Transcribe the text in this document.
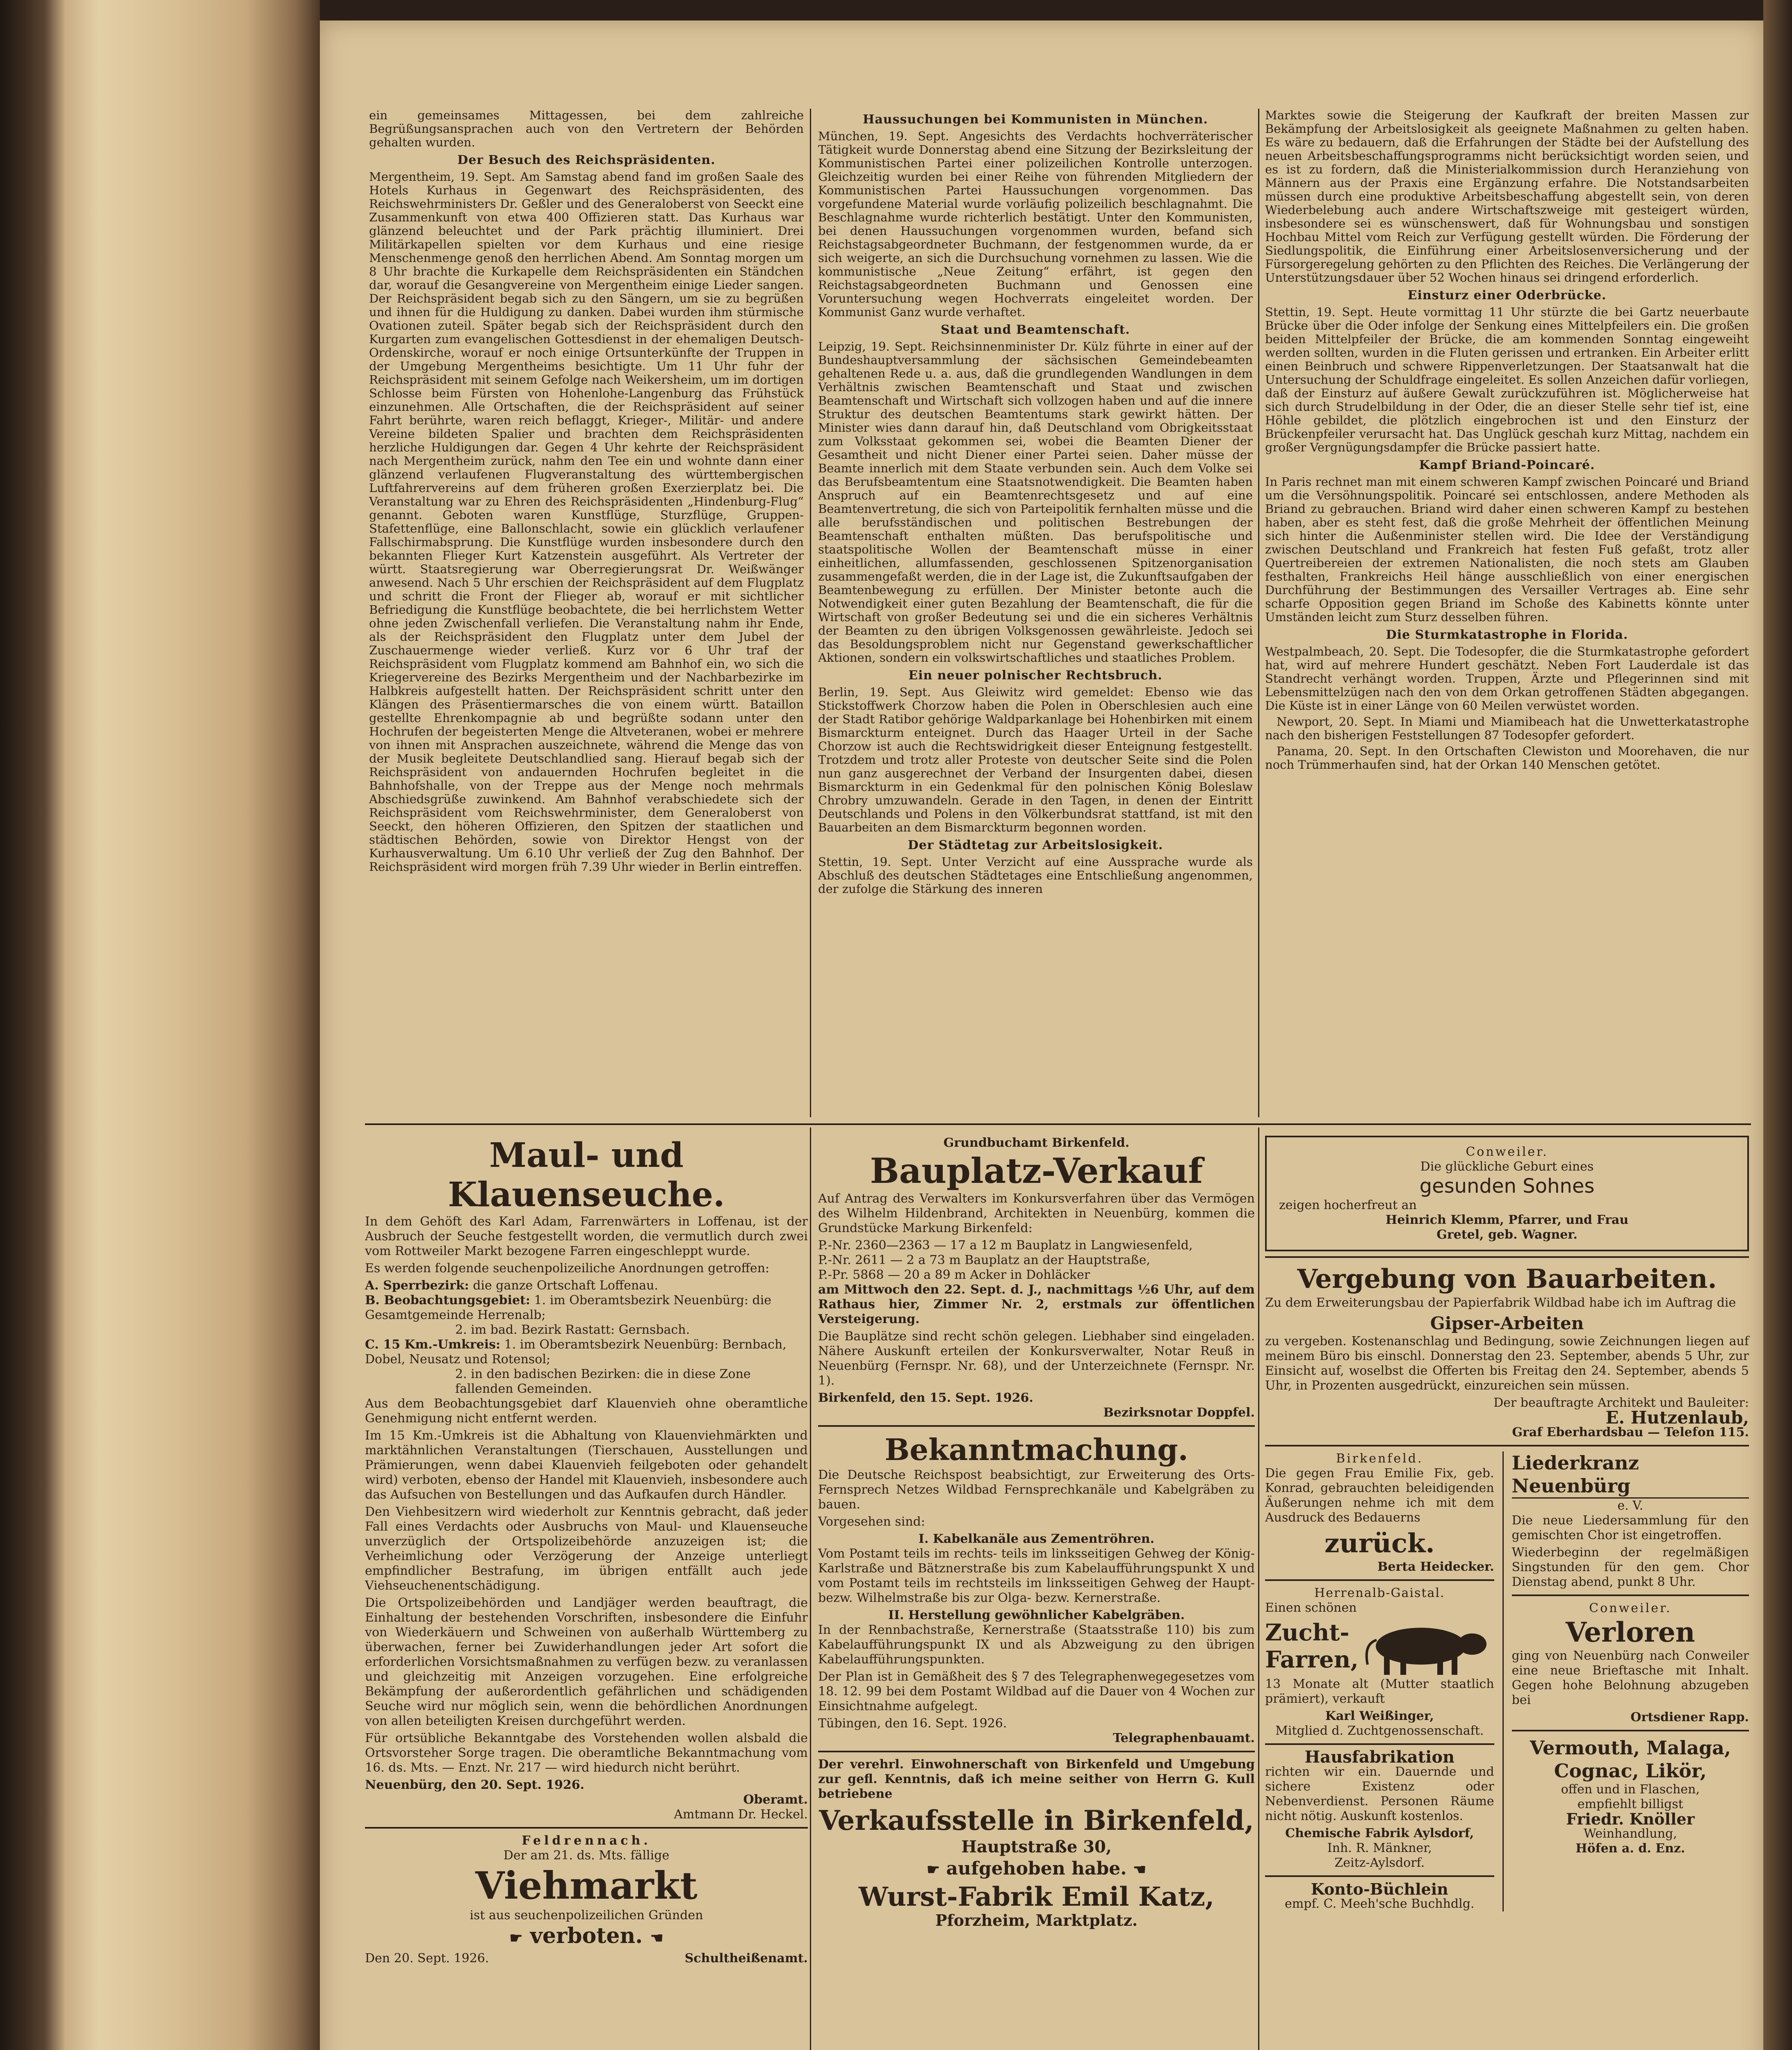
ein gemeinsames Mittagessen, bei dem zahlreiche Begrüßungsansprachen auch von den Vertretern der Behörden gehalten wurden.

Der Besuch des Reichspräsidenten.

Mergentheim, 19. Sept. Am Samstag abend fand im großen Saale des Hotels Kurhaus in Gegenwart des Reichspräsidenten, des Reichswehrministers Dr. Geßler und des Generaloberst von Seeckt eine Zusammenkunft von etwa 400 Offizieren statt. Das Kurhaus war glänzend beleuchtet und der Park prächtig illuminiert. Drei Militärkapellen spielten vor dem Kurhaus und eine riesige Menschenmenge genoß den herrlichen Abend. Am Sonntag morgen um 8 Uhr brachte die Kurkapelle dem Reichspräsidenten ein Ständchen dar, worauf die Gesangvereine von Mergentheim einige Lieder sangen. Der Reichspräsident begab sich zu den Sängern, um sie zu begrüßen und ihnen für die Huldigung zu danken. Dabei wurden ihm stürmische Ovationen zuteil. Später begab sich der Reichspräsident durch den Kurgarten zum evangelischen Gottesdienst in der ehemaligen Deutsch-Ordenskirche, worauf er noch einige Ortsunterkünfte der Truppen in der Umgebung Mergentheims besichtigte. Um 11 Uhr fuhr der Reichspräsident mit seinem Gefolge nach Weikersheim, um im dortigen Schlosse beim Fürsten von Hohenlohe-Langenburg das Frühstück einzunehmen. Alle Ortschaften, die der Reichspräsident auf seiner Fahrt berührte, waren reich beflaggt, Krieger-, Militär- und andere Vereine bildeten Spalier und brachten dem Reichspräsidenten herzliche Huldigungen dar. Gegen 4 Uhr kehrte der Reichspräsident nach Mergentheim zurück, nahm den Tee ein und wohnte dann einer glänzend verlaufenen Flugveranstaltung des württembergischen Luftfahrervereins auf dem früheren großen Exerzierplatz bei. Die Veranstaltung war zu Ehren des Reichspräsidenten „Hindenburg-Flug“ genannt. Geboten waren Kunstflüge, Sturzflüge, Gruppen-Stafettenflüge, eine Ballonschlacht, sowie ein glücklich verlaufener Fallschirmabsprung. Die Kunstflüge wurden insbesondere durch den bekannten Flieger Kurt Katzenstein ausgeführt. Als Vertreter der württ. Staatsregierung war Oberregierungsrat Dr. Weißwänger anwesend. Nach 5 Uhr erschien der Reichspräsident auf dem Flugplatz und schritt die Front der Flieger ab, worauf er mit sichtlicher Befriedigung die Kunstflüge beobachtete, die bei herrlichstem Wetter ohne jeden Zwischenfall verliefen. Die Veranstaltung nahm ihr Ende, als der Reichspräsident den Flugplatz unter dem Jubel der Zuschauermenge wieder verließ. Kurz vor 6 Uhr traf der Reichspräsident vom Flugplatz kommend am Bahnhof ein, wo sich die Kriegervereine des Bezirks Mergentheim und der Nachbarbezirke im Halbkreis aufgestellt hatten. Der Reichspräsident schritt unter den Klängen des Präsentiermarsches die von einem württ. Bataillon gestellte Ehrenkompagnie ab und begrüßte sodann unter den Hochrufen der begeisterten Menge die Altveteranen, wobei er mehrere von ihnen mit Ansprachen auszeichnete, während die Menge das von der Musik begleitete Deutschlandlied sang. Hierauf begab sich der Reichspräsident von andauernden Hochrufen begleitet in die Bahnhofshalle, von der Treppe aus der Menge noch mehrmals Abschiedsgrüße zuwinkend. Am Bahnhof verabschiedete sich der Reichspräsident vom Reichswehrminister, dem Generaloberst von Seeckt, den höheren Offizieren, den Spitzen der staatlichen und städtischen Behörden, sowie von Direktor Hengst von der Kurhausverwaltung. Um 6.10 Uhr verließ der Zug den Bahnhof. Der Reichspräsident wird morgen früh 7.39 Uhr wieder in Berlin eintreffen.

Haussuchungen bei Kommunisten in München.

München, 19. Sept. Angesichts des Verdachts hochverräterischer Tätigkeit wurde Donnerstag abend eine Sitzung der Bezirksleitung der Kommunistischen Partei einer polizeilichen Kontrolle unterzogen. Gleichzeitig wurden bei einer Reihe von führenden Mitgliedern der Kommunistischen Partei Haussuchungen vorgenommen. Das vorgefundene Material wurde vorläufig polizeilich beschlagnahmt. Die Beschlagnahme wurde richterlich bestätigt. Unter den Kommunisten, bei denen Haussuchungen vorgenommen wurden, befand sich Reichstagsabgeordneter Buchmann, der festgenommen wurde, da er sich weigerte, an sich die Durchsuchung vornehmen zu lassen. Wie die kommunistische „Neue Zeitung“ erfährt, ist gegen den Reichstagsabgeordneten Buchmann und Genossen eine Voruntersuchung wegen Hochverrats eingeleitet worden. Der Kommunist Ganz wurde verhaftet.

Staat und Beamtenschaft.

Leipzig, 19. Sept. Reichsinnenminister Dr. Külz führte in einer auf der Bundeshauptversammlung der sächsischen Gemeindebeamten gehaltenen Rede u. a. aus, daß die grundlegenden Wandlungen in dem Verhältnis zwischen Beamtenschaft und Staat und zwischen Beamtenschaft und Wirtschaft sich vollzogen haben und auf die innere Struktur des deutschen Beamtentums stark gewirkt hätten. Der Minister wies dann darauf hin, daß Deutschland vom Obrigkeitsstaat zum Volksstaat gekommen sei, wobei die Beamten Diener der Gesamtheit und nicht Diener einer Partei seien. Daher müsse der Beamte innerlich mit dem Staate verbunden sein. Auch dem Volke sei das Berufsbeamtentum eine Staatsnotwendigkeit. Die Beamten haben Anspruch auf ein Beamtenrechtsgesetz und auf eine Beamtenvertretung, die sich von Parteipolitik fernhalten müsse und die alle berufsständischen und politischen Bestrebungen der Beamtenschaft enthalten müßten. Das berufspolitische und staatspolitische Wollen der Beamtenschaft müsse in einer einheitlichen, allumfassenden, geschlossenen Spitzenorganisation zusammengefaßt werden, die in der Lage ist, die Zukunftsaufgaben der Beamtenbewegung zu erfüllen. Der Minister betonte auch die Notwendigkeit einer guten Bezahlung der Beamtenschaft, die für die Wirtschaft von großer Bedeutung sei und die ein sicheres Verhältnis der Beamten zu den übrigen Volksgenossen gewährleiste. Jedoch sei das Besoldungsproblem nicht nur Gegenstand gewerkschaftlicher Aktionen, sondern ein volkswirtschaftliches und staatliches Problem.

Ein neuer polnischer Rechtsbruch.

Berlin, 19. Sept. Aus Gleiwitz wird gemeldet: Ebenso wie das Stickstoffwerk Chorzow haben die Polen in Oberschlesien auch eine der Stadt Ratibor gehörige Waldparkanlage bei Hohenbirken mit einem Bismarckturm enteignet. Durch das Haager Urteil in der Sache Chorzow ist auch die Rechtswidrigkeit dieser Enteignung festgestellt. Trotzdem und trotz aller Proteste von deutscher Seite sind die Polen nun ganz ausgerechnet der Verband der Insurgenten dabei, diesen Bismarckturm in ein Gedenkmal für den polnischen König Boleslaw Chrobry umzuwandeln. Gerade in den Tagen, in denen der Eintritt Deutschlands und Polens in den Völkerbundsrat stattfand, ist mit den Bauarbeiten an dem Bismarckturm begonnen worden.

Der Städtetag zur Arbeitslosigkeit.

Stettin, 19. Sept. Unter Verzicht auf eine Aussprache wurde als Abschluß des deutschen Städtetages eine Entschließung angenommen, der zufolge die Stärkung des inneren

Marktes sowie die Steigerung der Kaufkraft der breiten Massen zur Bekämpfung der Arbeitslosigkeit als geeignete Maßnahmen zu gelten haben. Es wäre zu bedauern, daß die Erfahrungen der Städte bei der Aufstellung des neuen Arbeitsbeschaffungsprogramms nicht berücksichtigt worden seien, und es ist zu fordern, daß die Ministerialkommission durch Heranziehung von Männern aus der Praxis eine Ergänzung erfahre. Die Notstandsarbeiten müssen durch eine produktive Arbeitsbeschaffung abgestellt sein, von deren Wiederbelebung auch andere Wirtschaftszweige mit gesteigert würden, insbesondere sei es wünschenswert, daß für Wohnungsbau und sonstigen Hochbau Mittel vom Reich zur Verfügung gestellt würden. Die Förderung der Siedlungspolitik, die Einführung einer Arbeitslosenversicherung und der Fürsorgeregelung gehörten zu den Pflichten des Reiches. Die Verlängerung der Unterstützungsdauer über 52 Wochen hinaus sei dringend erforderlich.

Einsturz einer Oderbrücke.

Stettin, 19. Sept. Heute vormittag 11 Uhr stürzte die bei Gartz neuerbaute Brücke über die Oder infolge der Senkung eines Mittelpfeilers ein. Die großen beiden Mittelpfeiler der Brücke, die am kommenden Sonntag eingeweiht werden sollten, wurden in die Fluten gerissen und ertranken. Ein Arbeiter erlitt einen Beinbruch und schwere Rippenverletzungen. Der Staatsanwalt hat die Untersuchung der Schuldfrage eingeleitet. Es sollen Anzeichen dafür vorliegen, daß der Einsturz auf äußere Gewalt zurückzuführen ist. Möglicherweise hat sich durch Strudelbildung in der Oder, die an dieser Stelle sehr tief ist, eine Höhle gebildet, die plötzlich eingebrochen ist und den Einsturz der Brückenpfeiler verursacht hat. Das Unglück geschah kurz Mittag, nachdem ein großer Vergnügungsdampfer die Brücke passiert hatte.

Kampf Briand-Poincaré.

In Paris rechnet man mit einem schweren Kampf zwischen Poincaré und Briand um die Versöhnungspolitik. Poincaré sei entschlossen, andere Methoden als Briand zu gebrauchen. Briand wird daher einen schweren Kampf zu bestehen haben, aber es steht fest, daß die große Mehrheit der öffentlichen Meinung sich hinter die Außenminister stellen wird. Die Idee der Verständigung zwischen Deutschland und Frankreich hat festen Fuß gefaßt, trotz aller Quertreibereien der extremen Nationalisten, die noch stets am Glauben festhalten, Frankreichs Heil hänge ausschließlich von einer energischen Durchführung der Bestimmungen des Versailler Vertrages ab. Eine sehr scharfe Opposition gegen Briand im Schoße des Kabinetts könnte unter Umständen leicht zum Sturz desselben führen.

Die Sturmkatastrophe in Florida.

Westpalmbeach, 20. Sept. Die Todesopfer, die die Sturmkatastrophe gefordert hat, wird auf mehrere Hundert geschätzt. Neben Fort Lauderdale ist das Standrecht verhängt worden. Truppen, Ärzte und Pflegerinnen sind mit Lebensmittelzügen nach den von dem Orkan getroffenen Städten abgegangen. Die Küste ist in einer Länge von 60 Meilen verwüstet worden.

Newport, 20. Sept. In Miami und Miamibeach hat die Unwetterkatastrophe nach den bisherigen Feststellungen 87 Todesopfer gefordert.

Panama, 20. Sept. In den Ortschaften Clewiston und Moorehaven, die nur noch Trümmerhaufen sind, hat der Orkan 140 Menschen getötet.

Maul- und Klauenseuche.

In dem Gehöft des Karl Adam, Farrenwärters in Loffenau, ist der Ausbruch der Seuche festgestellt worden, die vermutlich durch zwei vom Rottweiler Markt bezogene Farren eingeschleppt wurde.

Es werden folgende seuchenpolizeiliche Anordnungen getroffen:

A. Sperrbezirk: die ganze Ortschaft Loffenau.
B. Beobachtungsgebiet: 1. im Oberamtsbezirk Neuenbürg: die Gesamtgemeinde Herrenalb;
2. im bad. Bezirk Rastatt: Gernsbach.
C. 15 Km.-Umkreis: 1. im Oberamtsbezirk Neuenbürg: Bernbach, Dobel, Neusatz und Rotensol;
2. in den badischen Bezirken: die in diese Zone fallenden Gemeinden.

Aus dem Beobachtungsgebiet darf Klauenvieh ohne oberamtliche Genehmigung nicht entfernt werden.

Im 15 Km.-Umkreis ist die Abhaltung von Klauenviehmärkten und marktähnlichen Veranstaltungen (Tierschauen, Ausstellungen und Prämierungen, wenn dabei Klauenvieh feilgeboten oder gehandelt wird) verboten, ebenso der Handel mit Klauenvieh, insbesondere auch das Aufsuchen von Bestellungen und das Aufkaufen durch Händler.

Den Viehbesitzern wird wiederholt zur Kenntnis gebracht, daß jeder Fall eines Verdachts oder Ausbruchs von Maul- und Klauenseuche unverzüglich der Ortspolizeibehörde anzuzeigen ist; die Verheimlichung oder Verzögerung der Anzeige unterliegt empfindlicher Bestrafung, im übrigen entfällt auch jede Viehseuchenentschädigung.

Die Ortspolizeibehörden und Landjäger werden beauftragt, die Einhaltung der bestehenden Vorschriften, insbesondere die Einfuhr von Wiederkäuern und Schweinen von außerhalb Württemberg zu überwachen, ferner bei Zuwiderhandlungen jeder Art sofort die erforderlichen Vorsichtsmaßnahmen zu verfügen bezw. zu veranlassen und gleichzeitig mit Anzeigen vorzugehen. Eine erfolgreiche Bekämpfung der außerordentlich gefährlichen und schädigenden Seuche wird nur möglich sein, wenn die behördlichen Anordnungen von allen beteiligten Kreisen durchgeführt werden.

Für ortsübliche Bekanntgabe des Vorstehenden wollen alsbald die Ortsvorsteher Sorge tragen. Die oberamtliche Bekanntmachung vom 16. ds. Mts. — Enzt. Nr. 217 — wird hiedurch nicht berührt.

Neuenbürg, den 20. Sept. 1926.
Oberamt.
Amtmann Dr. Heckel.
Feldrennach.
Der am 21. ds. Mts. fällige
Viehmarkt
ist aus seuchenpolizeilichen Gründen
☛ verboten. ☚
Den 20. Sept. 1926.	Schultheißenamt.
Grundbuchamt Birkenfeld.
Bauplatz-Verkauf

Auf Antrag des Verwalters im Konkursverfahren über das Vermögen des Wilhelm Hildenbrand, Architekten in Neuenbürg, kommen die Grundstücke Markung Birkenfeld:

P.-Nr. 2360—2363 — 17 a 12 m Bauplatz in Langwiesenfeld,
P.-Nr. 2611 — 2 a 73 m Bauplatz an der Hauptstraße,
P.-Pr. 5868 — 20 a 89 m Acker in Dohläcker

am Mittwoch den 22. Sept. d. J., nachmittags ½6 Uhr, auf dem Rathaus hier, Zimmer Nr. 2, erstmals zur öffentlichen Versteigerung.

Die Bauplätze sind recht schön gelegen. Liebhaber sind eingeladen. Nähere Auskunft erteilen der Konkursverwalter, Notar Reuß in Neuenbürg (Fernspr. Nr. 68), und der Unterzeichnete (Fernspr. Nr. 1).

Birkenfeld, den 15. Sept. 1926.
Bezirksnotar Doppfel.
Bekanntmachung.

Die Deutsche Reichspost beabsichtigt, zur Erweiterung des Orts-Fernsprech Netzes Wildbad Fernsprechkanäle und Kabelgräben zu bauen.

Vorgesehen sind:

I. Kabelkanäle aus Zementröhren.

Vom Postamt teils im rechts- teils im linksseitigen Gehweg der König-Karlstraße und Bätznerstraße bis zum Kabelaufführungspunkt X und vom Postamt teils im rechtsteils im linksseitigen Gehweg der Haupt- bezw. Wilhelmstraße bis zur Olga- bezw. Kernerstraße.

II. Herstellung gewöhnlicher Kabelgräben.

In der Rennbachstraße, Kernerstraße (Staatsstraße 110) bis zum Kabelaufführungspunkt IX und als Abzweigung zu den übrigen Kabelaufführungspunkten.

Der Plan ist in Gemäßheit des § 7 des Telegraphenwegegesetzes vom 18. 12. 99 bei dem Postamt Wildbad auf die Dauer von 4 Wochen zur Einsichtnahme aufgelegt.

Tübingen, den 16. Sept. 1926.
Telegraphenbauamt.

Der verehrl. Einwohnerschaft von Birkenfeld und Umgebung zur gefl. Kenntnis, daß ich meine seither von Herrn G. Kull betriebene

Verkaufsstelle in Birkenfeld,
Hauptstraße 30,
☛ aufgehoben habe. ☚
Wurst-Fabrik Emil Katz,
Pforzheim, Marktplatz.
Conweiler.
Die glückliche Geburt eines
gesunden Sohnes
zeigen hocherfreut an
Heinrich Klemm, Pfarrer, und Frau
Gretel, geb. Wagner.
Vergebung von Bauarbeiten.

Zu dem Erweiterungsbau der Papierfabrik Wildbad habe ich im Auftrag die

Gipser-Arbeiten

zu vergeben. Kostenanschlag und Bedingung, sowie Zeichnungen liegen auf meinem Büro bis einschl. Donnerstag den 23. September, abends 5 Uhr, zur Einsicht auf, woselbst die Offerten bis Freitag den 24. September, abends 5 Uhr, in Prozenten ausgedrückt, einzureichen sein müssen.

Der beauftragte Architekt und Bauleiter:
E. Hutzenlaub,
Graf Eberhardsbau — Telefon 115.
Birkenfeld.

Die gegen Frau Emilie Fix, geb. Konrad, gebrauchten beleidigenden Äußerungen nehme ich mit dem Ausdruck des Bedauerns

zurück.
Berta Heidecker.
Herrenalb-Gaistal.
Einen schönen
Zucht-Farren,

13 Monate alt (Mutter staatlich prämiert), verkauft

Karl Weißinger,
Mitglied d. Zuchtgenossenschaft.
Hausfabrikation

richten wir ein. Dauernde und sichere Existenz oder Nebenverdienst. Personen Räume nicht nötig. Auskunft kostenlos.

Chemische Fabrik Aylsdorf,
Inh. R. Mänkner,
Zeitz-Aylsdorf.
Konto-Büchlein
empf. C. Meeh'sche Buchhdlg.
Liederkranz Neuenbürg
e. V.

Die neue Liedersammlung für den gemischten Chor ist eingetroffen.

Wiederbeginn der regelmäßigen Singstunden für den gem. Chor Dienstag abend, punkt 8 Uhr.

Conweiler.
Verloren

ging von Neuenbürg nach Conweiler eine neue Brieftasche mit Inhalt. Gegen hohe Belohnung abzugeben bei

Ortsdiener Rapp.
Vermouth, Malaga,
Cognac, Likör,
offen und in Flaschen,
empfiehlt billigst
Friedr. Knöller
Weinhandlung,
Höfen a. d. Enz.
